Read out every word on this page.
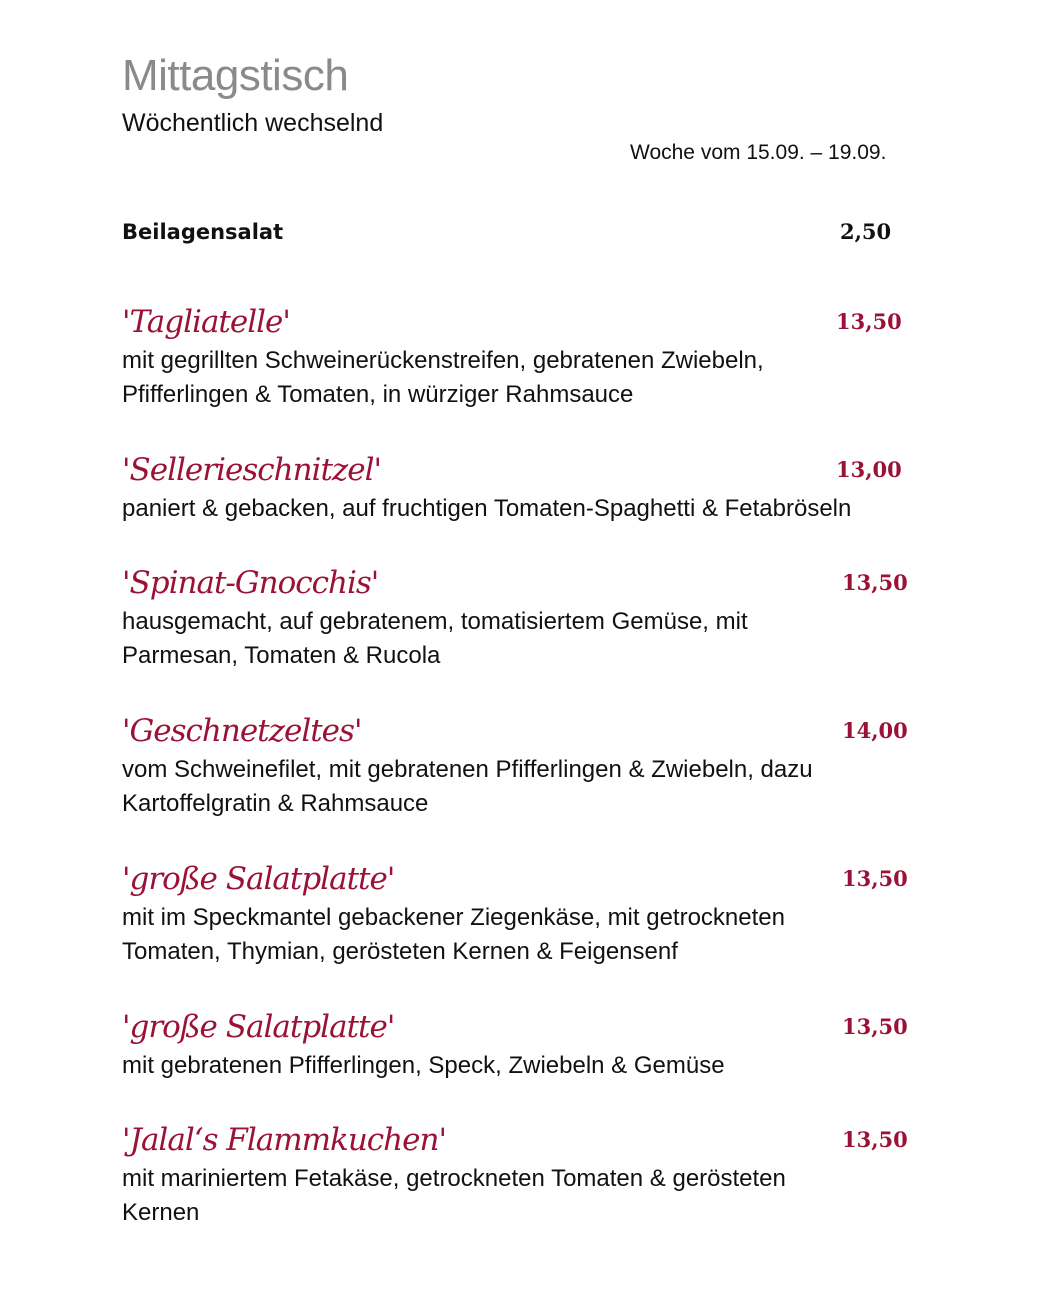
Mittagstisch
Wöchentlich wechselnd
Woche vom 15.09. – 19.09.
Beilagensalat	2,50
'Tagliatelle'	13,50
mit gegrillten Schweinerückenstreifen, gebratenen Zwiebeln,
Pfifferlingen & Tomaten, in würziger Rahmsauce
'Sellerieschnitzel'	13,00
paniert & gebacken, auf fruchtigen Tomaten-Spaghetti & Fetabröseln
'Spinat-Gnocchis'	13,50
hausgemacht, auf gebratenem, tomatisiertem Gemüse, mit
Parmesan, Tomaten & Rucola
'Geschnetzeltes'	14,00
vom Schweinefilet, mit gebratenen Pfifferlingen & Zwiebeln, dazu
Kartoffelgratin & Rahmsauce
'große Salatplatte'	13,50
mit im Speckmantel gebackener Ziegenkäse, mit getrockneten
Tomaten, Thymian, gerösteten Kernen & Feigensenf
'große Salatplatte'	13,50
mit gebratenen Pfifferlingen, Speck, Zwiebeln & Gemüse
'Jalal‘s Flammkuchen'	13,50
mit mariniertem Fetakäse, getrockneten Tomaten & gerösteten
Kernen
